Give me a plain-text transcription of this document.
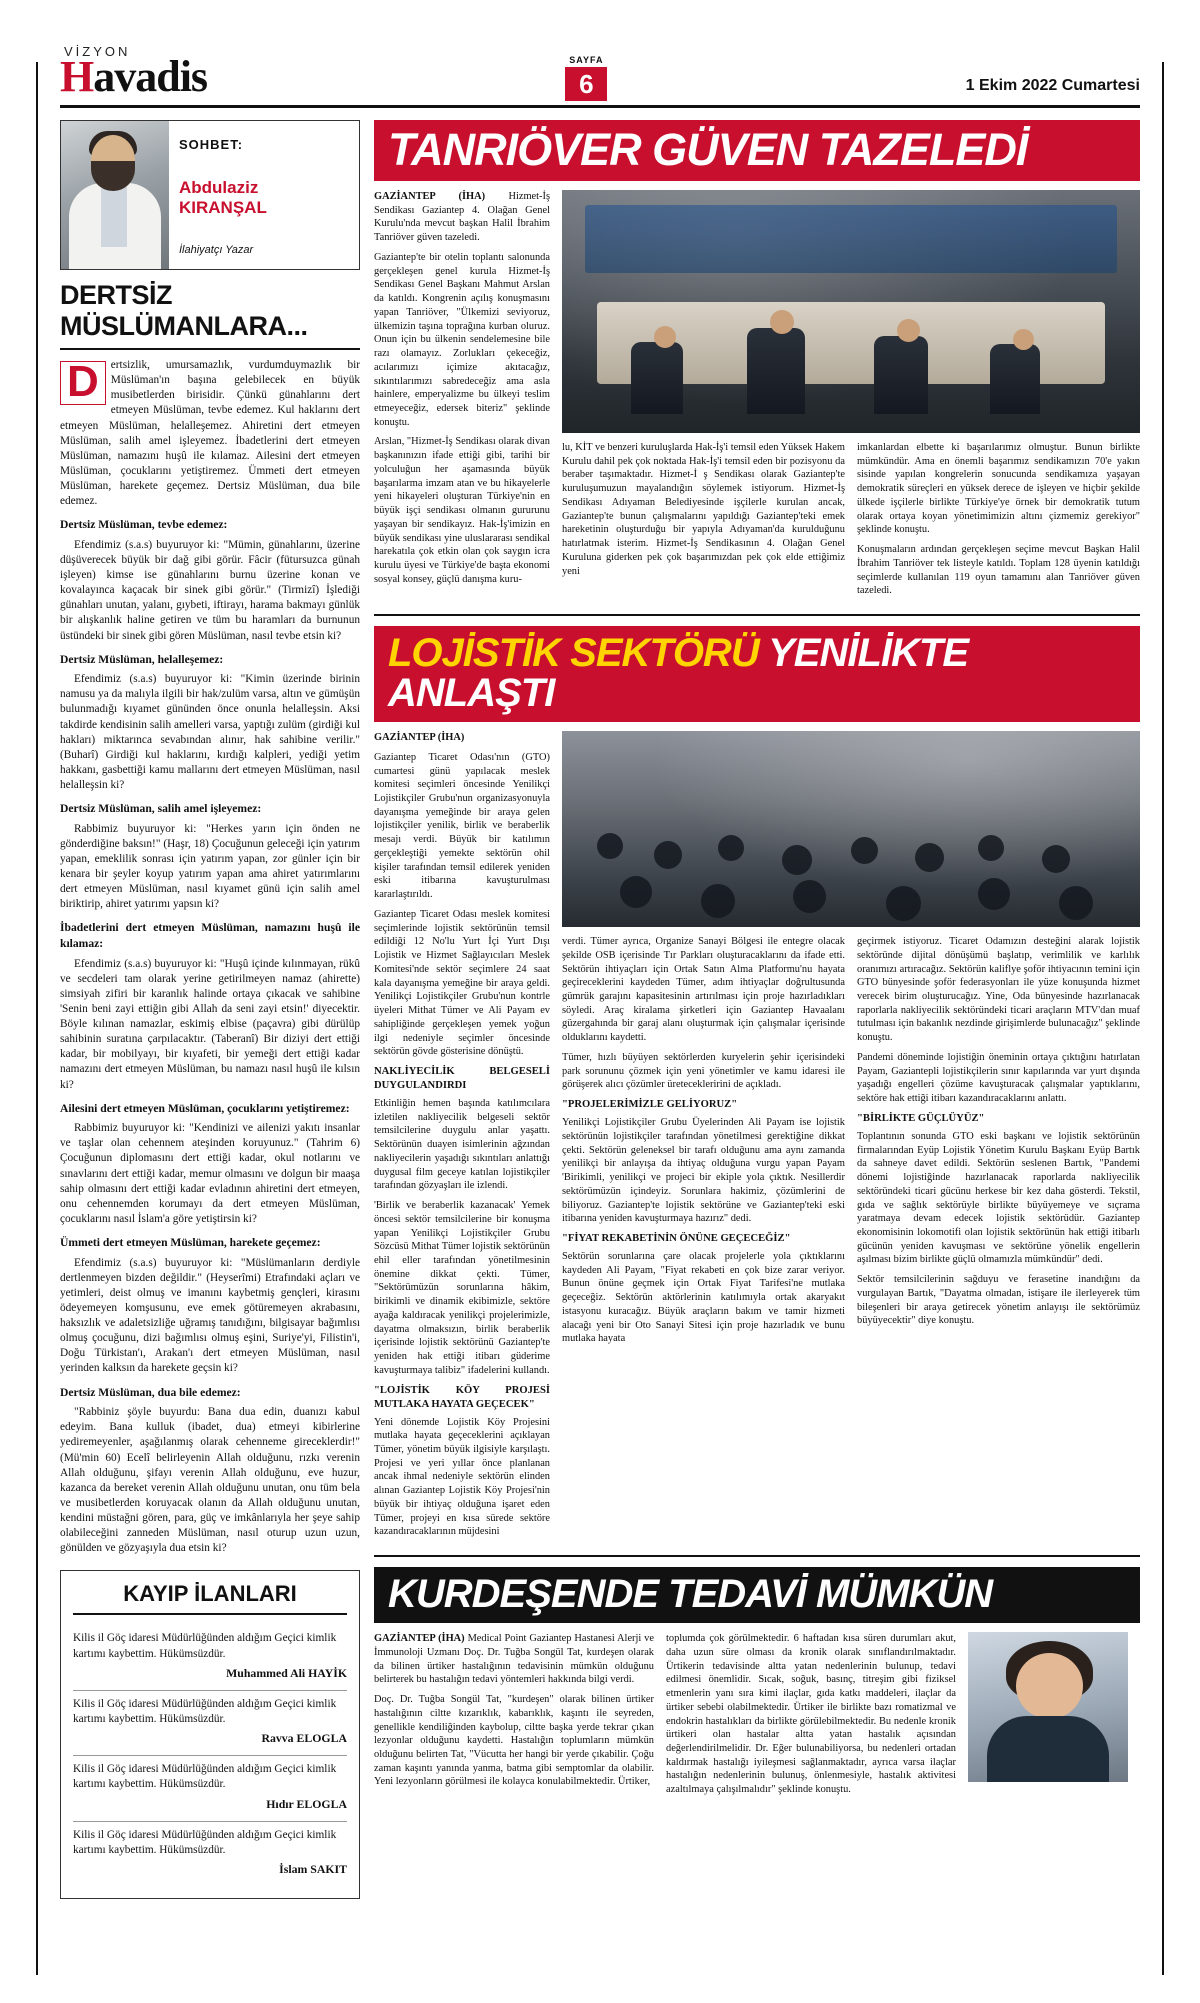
VİZYON
Havadis	SAYFA
6	1 Ekim 2022 Cumartesi
SOHBET:
Abdulaziz KIRANŞAL
İlahiyatçı Yazar
DERTSİZ MÜSLÜMANLARA...

D	ertsizlik, umursamazlık, vurdumduymazlık bir Müslüman'ın başına gelebilecek en büyük musibetlerden birisidir. Çünkü günahlarını dert etmeyen Müslüman, tevbe edemez. Kul haklarını dert etmeyen Müslüman, helalleşemez. Ahiretini dert etmeyen Müslüman, salih amel işleyemez. İbadetlerini dert etmeyen Müslüman, namazını huşû ile kılamaz. Ailesini dert etmeyen Müslüman, çocuklarını yetiştiremez. Ümmeti dert etmeyen Müslüman, harekete geçemez. Dertsiz Müslüman, dua bile edemez.

Dertsiz Müslüman, tevbe edemez:

Efendimiz (s.a.s) buyuruyor ki: "Mümin, günahlarını, üzerine düşüverecek büyük bir dağ gibi görür. Fâcir (fütursuzca günah işleyen) kimse ise günahlarını burnu üzerine konan ve kovalayınca kaçacak bir sinek gibi görür." (Tirmizî) İşlediği günahları unutan, yalanı, gıybeti, iftirayı, harama bakmayı günlük bir alışkanlık haline getiren ve tüm bu haramları da burnunun üstündeki bir sinek gibi gören Müslüman, nasıl tevbe etsin ki?

Dertsiz Müslüman, helalleşemez:

Efendimiz (s.a.s) buyuruyor ki: "Kimin üzerinde birinin namusu ya da malıyla ilgili bir hak/zulüm varsa, altın ve gümüşün bulunmadığı kıyamet gününden önce onunla helalleşsin. Aksi takdirde kendisinin salih amelleri varsa, yaptığı zulüm (girdiği kul hakları) miktarınca sevabından alınır, hak sahibine verilir." (Buharî) Girdiği kul haklarını, kırdığı kalpleri, yediği yetim hakkanı, gasbettiği kamu mallarını dert etmeyen Müslüman, nasıl helalleşsin ki?

Dertsiz Müslüman, salih amel işleyemez:

Rabbimiz buyuruyor ki: "Herkes yarın için önden ne gönderdiğine baksın!" (Haşr, 18) Çocuğunun geleceği için yatırım yapan, emeklilik sonrası için yatırım yapan, zor günler için bir kenara bir şeyler koyup yatırım yapan ama ahiret yatırımlarını dert etmeyen Müslüman, nasıl kıyamet günü için salih amel biriktirip, ahiret yatırımı yapsın ki?

İbadetlerini dert etmeyen Müslüman, namazını huşû ile kılamaz:

Efendimiz (s.a.s) buyuruyor ki: "Huşû içinde kılınmayan, rükû ve secdeleri tam olarak yerine getirilmeyen namaz (ahirette) simsiyah zifiri bir karanlık halinde ortaya çıkacak ve sahibine 'Senin beni zayi ettiğin gibi Allah da seni zayi etsin!' diyecektir. Böyle kılınan namazlar, eskimiş elbise (paçavra) gibi dürülüp sahibinin suratına çarpılacaktır. (Taberanî) Bir diziyi dert ettiği kadar, bir mobilyayı, bir kıyafeti, bir yemeği dert ettiği kadar namazını dert etmeyen Müslüman, bu namazı nasıl huşû ile kılsın ki?

Ailesini dert etmeyen Müslüman, çocuklarını yetiştiremez:

Rabbimiz buyuruyor ki: "Kendinizi ve ailenizi yakıtı insanlar ve taşlar olan cehennem ateşinden koruyunuz." (Tahrim 6) Çocuğunun diplomasını dert ettiği kadar, okul notlarını ve sınavlarını dert ettiği kadar, memur olmasını ve dolgun bir maaşa sahip olmasını dert ettiği kadar evladının ahiretini dert etmeyen, onu cehennemden korumayı da dert etmeyen Müslüman, çocuklarını nasıl İslam'a göre yetiştirsin ki?

Ümmeti dert etmeyen Müslüman, harekete geçemez:

Efendimiz (s.a.s) buyuruyor ki: "Müslümanların derdiyle dertlenmeyen bizden değildir." (Heyserîmi) Etrafındaki açları ve yetimleri, deist olmuş ve imanını kaybetmiş gençleri, kirasını ödeyemeyen komşusunu, eve emek götüremeyen akrabasını, haksızlık ve adaletsizliğe uğramış tanıdığını, bilgisayar bağımlısı olmuş çocuğunu, dizi bağımlısı olmuş eşini, Suriye'yi, Filistin'i, Doğu Türkistan'ı, Arakan'ı dert etmeyen Müslüman, nasıl yerinden kalksın da harekete geçsin ki?

Dertsiz Müslüman, dua bile edemez:

"Rabbiniz şöyle buyurdu: Bana dua edin, duanızı kabul edeyim. Bana kulluk (ibadet, dua) etmeyi kibirlerine yediremeyenler, aşağılanmış olarak cehenneme gireceklerdir!" (Mü'min 60) Ecelî belirleyenin Allah olduğunu, rızkı verenin Allah olduğunu, şifayı verenin Allah olduğunu, eve huzur, kazanca da bereket verenin Allah olduğunu unutan, onu tüm bela ve musibetlerden koruyacak olanın da Allah olduğunu unutan, kendini müstağni gören, para, güç ve imkânlarıyla her şeye sahip olabileceğini zanneden Müslüman, nasıl oturup uzun uzun, gönülden ve gözyaşıyla dua etsin ki?

KAYIP İLANLARI
Kilis il Göç idaresi Müdürlüğünden aldığım Geçici kimlik kartımı kaybettim. Hükümsüzdür.
Muhammed Ali HAYİK
Kilis il Göç idaresi Müdürlüğünden aldığım Geçici kimlik kartımı kaybettim. Hükümsüzdür.
Ravva ELOGLA
Kilis il Göç idaresi Müdürlüğünden aldığım Geçici kimlik kartımı kaybettim. Hükümsüzdür.
Hıdır ELOGLA
Kilis il Göç idaresi Müdürlüğünden aldığım Geçici kimlik kartımı kaybettim. Hükümsüzdür.
İslam SAKIT
TANRIÖVER GÜVEN TAZELEDİ

GAZİANTEP (İHA) Hizmet-İş Sendikası Gaziantep 4. Olağan Genel Kurulu'nda mevcut başkan Halil İbrahim Tanriöver güven tazeledi.

Gaziantep'te bir otelin toplantı salonunda gerçekleşen genel kurula Hizmet-İş Sendikası Genel Başkanı Mahmut Arslan da katıldı. Kongrenin açılış konuşmasını yapan Tanriöver, "Ülkemizi seviyoruz, ülkemizin taşına toprağına kurban oluruz. Onun için bu ülkenin sendelemesine bile razı olamayız. Zorlukları çekeceğiz, acılarımızı içimize akıtacağız, sıkıntılarımızı sabredeceğiz ama asla hainlere, emperyalizme bu ülkeyi teslim etmeyeceğiz, edersek biteriz" şeklinde konuştu.

Arslan, "Hizmet-İş Sendikası olarak divan başkanınızın ifade ettiği gibi, tarihi bir yolculuğun her aşamasında büyük başarılarma imzam atan ve bu hikayelerle yeni hikayeleri oluşturan Türkiye'nin en büyük işçi sendikası olmanın gururunu yaşayan bir sendikayız. Hak-İş'imizin en büyük sendikası yine uluslararası sendikal harekatıla çok etkin olan çok saygın icra kurulu üyesi ve Türkiye'de başta ekonomi sosyal konsey, güçlü danışma kuru-

lu, KİT ve benzeri kuruluşlarda Hak-İş'i temsil eden Yüksek Hakem Kurulu dahil pek çok noktada Hak-İş'i temsil eden bir pozisyonu da beraber taşımaktadır. Hizmet-İ ş Sendikası olarak Gaziantep'te kuruluşumuzun mayalandığın söylemek istiyorum. Hizmet-İş Sendikası Adıyaman Belediyesinde işçilerle kurulan ancak, Gaziantep'te bunun çalışmalarını yapıldığı Gaziantep'teki emek hareketinin oluşturduğu bir yapıyla Adıyaman'da kurulduğunu hatırlatmak isterim. Hizmet-İş Sendikasının 4. Olağan Genel Kuruluna giderken pek çok başarımızdan pek çok elde ettiğimiz yeni

imkanlardan elbette ki başarılarımız olmuştur. Bunun birlikte mümkündür. Ama en önemli başarımız sendikamızın 70'e yakın sisinde yapılan kongrelerin sonucunda sendikamıza yaşayan demokratik süreçleri en yüksek derece de işleyen ve hiçbir şekilde ülkede işçilerle birlikte Türkiye'ye örnek bir demokratik tutum olarak ortaya koyan yönetimimizin altını çizmemiz gerekiyor" şeklinde konuştu.

Konuşmaların ardından gerçekleşen seçime mevcut Başkan Halil İbrahim Tanriöver tek listeyle katıldı. Toplam 128 üyenin katıldığı seçimlerde kullanılan 119 oyun tamamını alan Tanriöver güven tazeledi.

LOJİSTİK SEKTÖRÜ YENİLİKTE ANLAŞTI

GAZİANTEP (İHA)

Gaziantep Ticaret Odası'nın (GTO) cumartesi günü yapılacak meslek komitesi seçimleri öncesinde Yenilikçi Lojistikçiler Grubu'nun organizasyonuyla dayanışma yemeğinde bir araya gelen lojistikçiler yenilik, birlik ve beraberlik mesajı verdi. Büyük bir katılımın gerçekleştiği yemekte sektörün ohil kişiler tarafından temsil edilerek yeniden eski itibarına kavuşturulması kararlaştırıldı.

Gaziantep Ticaret Odası meslek komitesi seçimlerinde lojistik sektörünün temsil edildiği 12 No'lu Yurt İçi Yurt Dışı Lojistik ve Hizmet Sağlayıcıları Meslek Komitesi'nde sektör seçimlere 24 saat kala dayanışma yemeğine bir araya geldi. Yenilikçi Lojistikçiler Grubu'nun kontrle üyeleri Mithat Tümer ve Ali Payam ev sahipliğinde gerçekleşen yemek yoğun ilgi nedeniyle seçimler öncesinde sektörün gövde gösterisine dönüştü.

NAKLİYECİLİK BELGESELİ DUYGULANDIRDI

Etkinliğin hemen başında katılımcılara izletilen nakliyecilik belgeseli sektör temsilcilerine duygulu anlar yaşattı. Sektörünün duayen isimlerinin ağzından nakliyecilerin yaşadığı sıkıntıları anlattığı duygusal film geceye katılan lojistikçiler tarafından gözyaşları ile izlendi.

'Birlik ve beraberlik kazanacak' Yemek öncesi sektör temsilcilerine bir konuşma yapan Yenilikçi Lojistikçiler Grubu Sözcüsü Mithat Tümer lojistik sektörünün ehil eller tarafından yönetilmesinin önemine dikkat çekti. Tümer, "Sektörümüzün sorunlarına hâkim, birikimli ve dinamik ekibimizle, sektöre ayağa kaldıracak yenilikçi projelerimizle, dayatma olmaksızın, birlik beraberlik içerisinde lojistik sektörünü Gaziantep'te yeniden hak ettiği itibarı güderime kavuşturmaya talibiz" ifadelerini kullandı.

"LOJİSTİK KÖY PROJESİ MUTLAKA HAYATA GEÇECEK"

Yeni dönemde Lojistik Köy Projesini mutlaka hayata geçeceklerini açıklayan Tümer, yönetim büyük ilgisiyle karşılaştı. Projesi ve yeri yıllar önce planlanan ancak ihmal nedeniyle sektörün elinden alınan Gaziantep Lojistik Köy Projesi'nin büyük bir ihtiyaç olduğuna işaret eden Tümer, projeyi en kısa sürede sektöre kazandıracaklarının müjdesini

verdi. Tümer ayrıca, Organize Sanayi Bölgesi ile entegre olacak şekilde OSB içerisinde Tır Parkları oluşturacaklarını da ifade etti. Sektörün ihtiyaçları için Ortak Satın Alma Platformu'nu hayata geçireceklerini kaydeden Tümer, adım ihtiyaçlar doğrultusunda gümrük garajını kapasitesinin artırılması için proje hazırladıkları söyledi. Araç kiralama şirketleri için Gaziantep Havaalanı güzergahında bir garaj alanı oluşturmak için çalışmalar içerisinde olduklarını kaydetti.

Tümer, hızlı büyüyen sektörlerden kuryelerin şehir içerisindeki park sorununu çözmek için yeni yönetimler ve kamu idaresi ile görüşerek alıcı çözümler üretecekleririni de açıkladı.

"PROJELERİMİZLE GELİYORUZ"

Yenilikçi Lojistikçiler Grubu Üyelerinden Ali Payam ise lojistik sektörünün lojistikçiler tarafından yönetilmesi gerektiğine dikkat çekti. Sektörün geleneksel bir tarafı olduğunu ama aynı zamanda yenilikçi bir anlayışa da ihtiyaç olduğuna vurgu yapan Payam 'Birikimli, yenilikçi ve projeci bir ekiple yola çıktık. Nesillerdir sektörümüzün içindeyiz. Sorunlara hakimiz, çözümlerini de biliyoruz. Gaziantep'te lojistik sektörüne ve Gaziantep'teki eski itibarına yeniden kavuşturmaya hazırız" dedi.

"FİYAT REKABETİNİN ÖNÜNE GEÇECEĞİZ"

Sektörün sorunlarına çare olacak projelerle yola çıktıklarını kaydeden Ali Payam, "Fiyat rekabeti en çok bize zarar veriyor. Bunun önüne geçmek için Ortak Fiyat Tarifesi'ne mutlaka geçeceğiz. Sektörün aktörlerinin katılımıyla ortak akaryakıt istasyonu kuracağız. Büyük araçların bakım ve tamir hizmeti alacağı yeni bir Oto Sanayi Sitesi için proje hazırladık ve bunu mutlaka hayata

geçirmek istiyoruz. Ticaret Odamızın desteğini alarak lojistik sektöründe dijital dönüşümü başlatıp, verimlilik ve karlılık oranımızı artıracağız. Sektörün kaliflye şoför ihtiyacının temini için GTO bünyesinde şoför federasyonları ile yüze konuşunda hizmet verecek birim oluşturucağız. Yine, Oda bünyesinde hazırlanacak raporlarla nakliyecilik sektöründeki ticari araçların MTV'dan muaf tutulması için bakanlık nezdinde girişimlerde bulunacağız" şeklinde konuştu.

Pandemi döneminde lojistiğin öneminin ortaya çıktığını hatırlatan Payam, Gaziantepli lojistikçilerin sınır kapılarında var yurt dışında yaşadığı engelleri çözüme kavuşturacak çalışmalar yaptıklarını, sektöre hak ettiği itibarı kazandıracaklarını anlattı.

"BİRLİKTE GÜÇLÜYÜZ"

Toplantının sonunda GTO eski başkanı ve lojistik sektörünün firmalarından Eyüp Lojistik Yönetim Kurulu Başkanı Eyüp Bartık da sahneye davet edildi. Sektörün seslenen Bartık, "Pandemi dönemi lojistiğinde hazırlanacak raporlarda nakliyecilik sektöründeki ticari gücünu herkese bir kez daha gösterdi. Tekstil, gıda ve sağlık sektörüyle birlikte büyüyemeye ve sıçrama yaratmaya devam edecek lojistik sektörüdür. Gaziantep ekonomisinin lokomotifi olan lojistik sektörünün hak ettiği itibarlı gücünün yeniden kavuşması ve sektörüne yönelik engellerin aşılması bizim birlikte güçlü olmamızla mümkündür" dedi.

Sektör temsilcilerinin sağduyu ve ferasetine inandığını da vurgulayan Bartık, "Dayatma olmadan, istişare ile ilerleyerek tüm bileşenleri bir araya getirecek yönetim anlayışı ile sektörümüz büyüyecektir" diye konuştu.

KURDEŞENDE TEDAVİ MÜMKÜN

GAZİANTEP (İHA) Medical Point Gaziantep Hastanesi Alerji ve İmmunoloji Uzmanı Doç. Dr. Tuğba Songül Tat, kurdeşen olarak da bilinen ürtiker hastalığının tedavisinin mümkün olduğunu belirterek bu hastalığın tedavi yöntemleri hakkında bilgi verdi.

Doç. Dr. Tuğba Songül Tat, "kurdeşen" olarak bilinen ürtiker hastalığının ciltte kızarıklık, kabarıklık, kaşıntı ile seyreden, genellikle kendiliğinden kaybolup, ciltte başka yerde tekrar çıkan lezyonlar olduğunu kaydetti. Hastalığın toplumların mümkün olduğunu belirten Tat, "Vücutta her hangi bir yerde çıkabilir. Çoğu zaman kaşıntı yanında yanma, batma gibi semptomlar da olabilir. Yeni lezyonların görülmesi ile kolayca konulabilmektedir. Ürtiker,

toplumda çok görülmektedir. 6 haftadan kısa süren durumları akut, daha uzun süre olması da kronik olarak sınıflandırılmaktadır. Ürtikerin tedavisinde altta yatan nedenlerinin bulunup, tedavi edilmesi önemlidir. Sıcak, soğuk, basınç, titreşim gibi fiziksel etmenlerin yanı sıra kimi ilaçlar, gıda katkı maddeleri, ilaçlar da ürtiker sebebi olabilmektedir. Ürtiker ile birlikte bazı romatizmal ve endokrin hastalıkları da birlikte görülebilmektedir. Bu nedenle kronik ürtikeri olan hastalar altta yatan hastalık açısından değerlendirilmelidir. Dr. Eğer bulunabiliyorsa, bu nedenleri ortadan kaldırmak hastalığı iyileşmesi sağlanmaktadır, ayrıca varsa ilaçlar hastalığın nedenlerinin bulunuş, önlenmesiyle, hastalık aktivitesi azaltılmaya çalışılmalıdır" şeklinde konuştu.
